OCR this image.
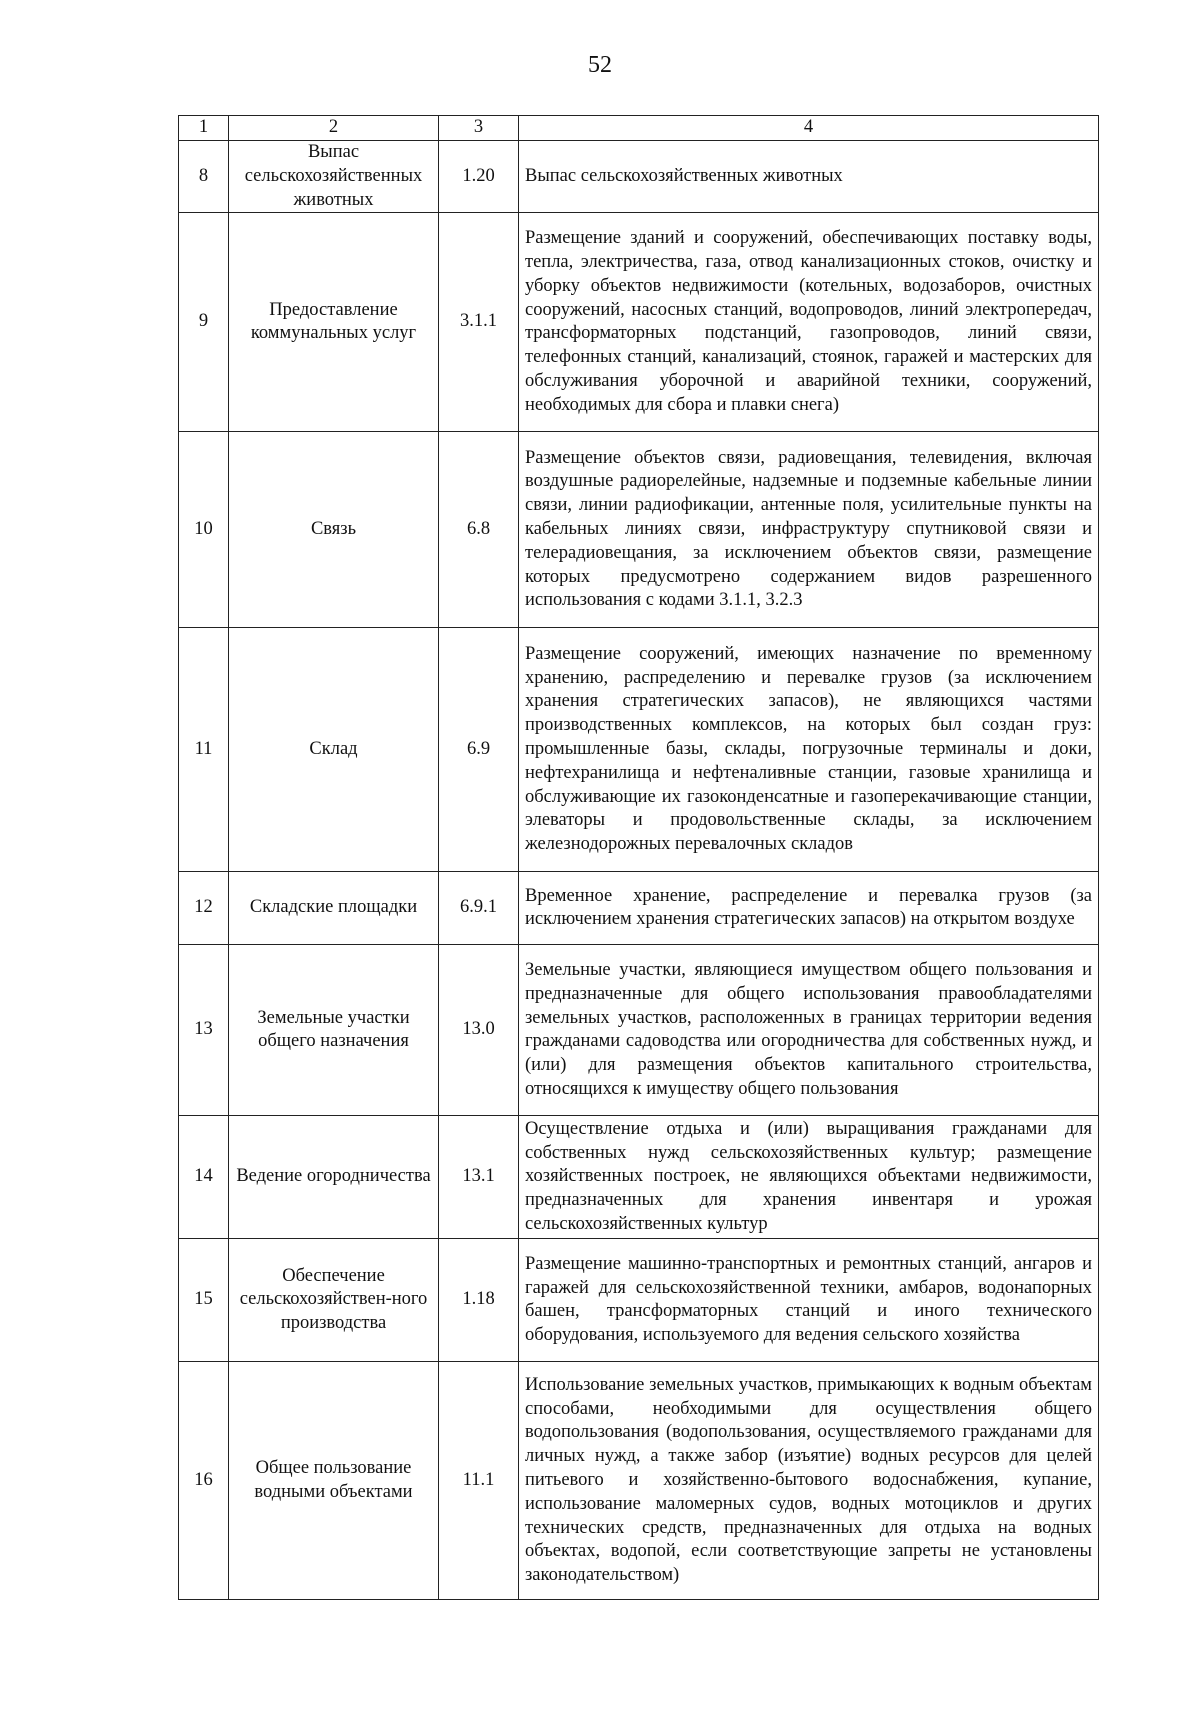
52
1	2	3	4
8	Выпас сельскохозяйственных животных	1.20	Выпас сельскохозяйственных животных
9	Предоставление коммунальных услуг	3.1.1	Размещение зданий и сооружений, обеспечивающих поставку воды, тепла, электричества, газа, отвод канализационных стоков, очистку и уборку объектов недвижимости (котельных, водозаборов, очистных сооружений, насосных станций, водопроводов, линий электропередач, трансформаторных подстанций, газопроводов, линий связи, телефонных станций, канализаций, стоянок, гаражей и мастерских для обслуживания уборочной и аварийной техники, сооружений, необходимых для сбора и плавки снега)
10	Связь	6.8	Размещение объектов связи, радиовещания, телевидения, включая воздушные радиорелейные, надземные и подземные кабельные линии связи, линии радиофикации, антенные поля, усилительные пункты на кабельных линиях связи, инфраструктуру спутниковой связи и телерадиовещания, за исключением объектов связи, размещение которых предусмотрено содержанием видов разрешенного использования с кодами 3.1.1, 3.2.3
11	Склад	6.9	Размещение сооружений, имеющих назначение по временному хранению, распределению и перевалке грузов (за исключением хранения стратегических запасов), не являющихся частями производственных комплексов, на которых был создан груз: промышленные базы, склады, погрузочные терминалы и доки, нефтехранилища и нефтеналивные станции, газовые хранилища и обслуживающие их газоконденсатные и газоперекачивающие станции, элеваторы и продовольственные склады, за исключением железнодорожных перевалочных складов
12	Складские площадки	6.9.1	Временное хранение, распределение и перевалка грузов (за исключением хранения стратегических запасов) на открытом воздухе
13	Земельные участки общего назначения	13.0	Земельные участки, являющиеся имуществом общего пользования и предназначенные для общего использования правообладателями земельных участков, расположенных в границах территории ведения гражданами садоводства или огородничества для собственных нужд, и (или) для размещения объектов капитального строительства, относящихся к имуществу общего пользования
14	Ведение огородничества	13.1	Осуществление отдыха и (или) выращивания гражданами для собственных нужд сельскохозяйственных культур; размещение хозяйственных построек, не являющихся объектами недвижимости, предназначенных для хранения инвентаря и урожая сельскохозяйственных культур
15	Обеспечение сельскохозяйствен-ного производства	1.18	Размещение машинно-транспортных и ремонтных станций, ангаров и гаражей для сельскохозяйственной техники, амбаров, водонапорных башен, трансформаторных станций и иного технического оборудования, используемого для ведения сельского хозяйства
16	Общее пользование водными объектами	11.1	Использование земельных участков, примыкающих к водным объектам способами, необходимыми для осуществления общего водопользования (водопользования, осуществляемого гражданами для личных нужд, а также забор (изъятие) водных ресурсов для целей питьевого и хозяйственно-бытового водоснабжения, купание, использование маломерных судов, водных мотоциклов и других технических средств, предназначенных для отдыха на водных объектах, водопой, если соответствующие запреты не установлены законодательством)
